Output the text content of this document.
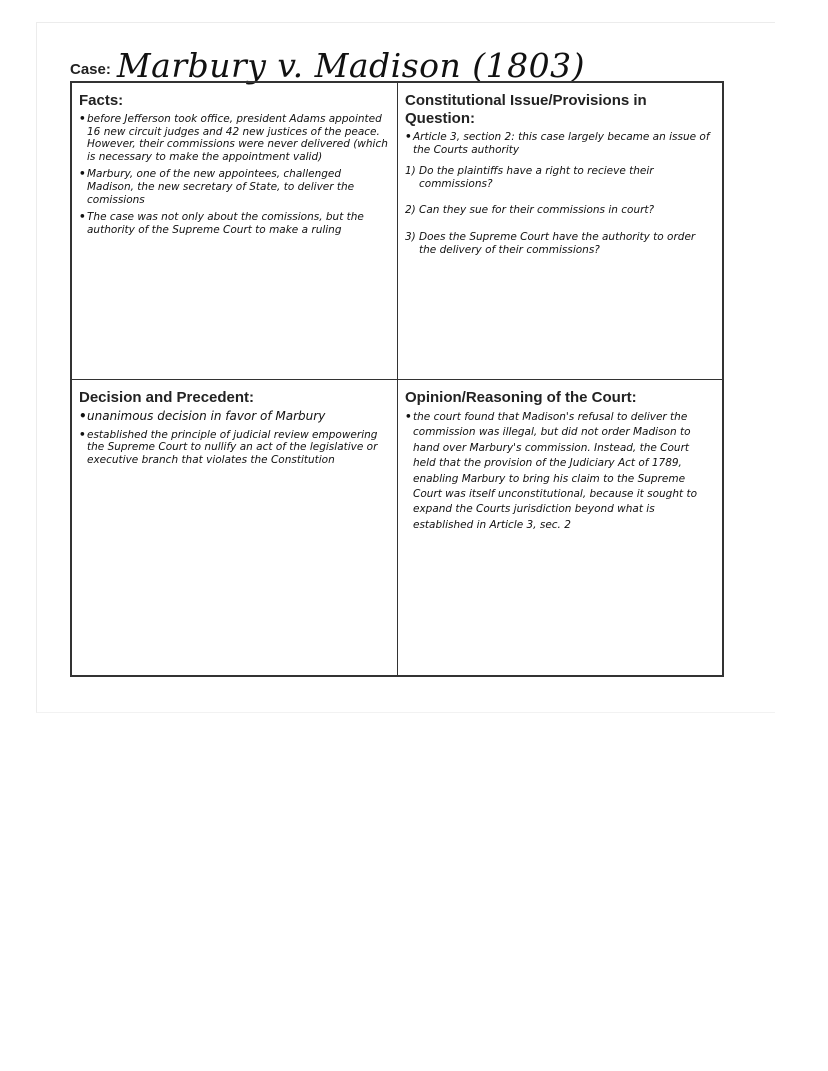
Case: Marbury v. Madison (1803)
Facts:
• before Jefferson took office, president Adams appointed 16 new circuit judges and 42 new justices of the peace. However, their commissions were never delivered (which is necessary to make the appointment valid)
• Marbury, one of the new appointees, challenged Madison, the new secretary of State, to deliver the comissions
• The case was not only about the comissions, but the authority of the Supreme Court to make a ruling
Constitutional Issue/Provisions in Question:
• Article 3, section 2: this case largely became an issue of the Courts authority
1) Do the plaintiffs have a right to recieve their commissions?
2) Can they sue for their commissions in court?
3) Does the Supreme Court have the authority to order the delivery of their commissions?
Decision and Precedent:
• unanimous decision in favor of Marbury
• established the principle of judicial review empowering the Supreme Court to nullify an act of the legislative or executive branch that violates the Constitution
Opinion/Reasoning of the Court:
• the court found that Madison's refusal to deliver the commission was illegal, but did not order Madison to hand over Marbury's commission. Instead, the Court held that the provision of the Judiciary Act of 1789, enabling Marbury to bring his claim to the Supreme Court was itself unconstitutional, because it sought to expand the Courts jurisdiction beyond what is established in Article 3, sec. 2
